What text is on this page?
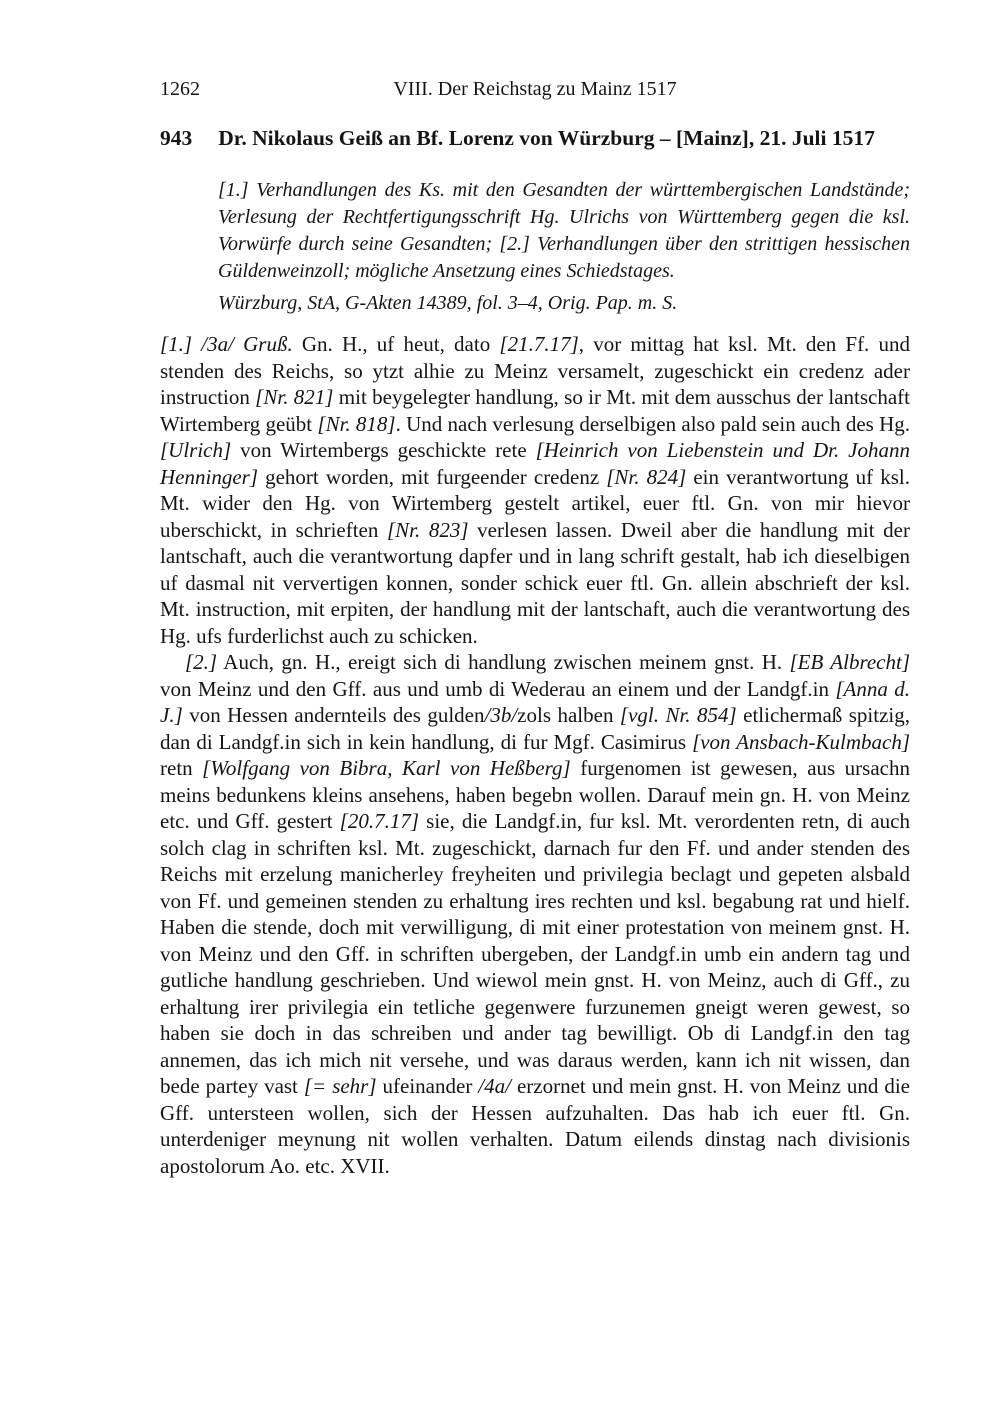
1262	VIII. Der Reichstag zu Mainz 1517
943 Dr. Nikolaus Geiß an Bf. Lorenz von Würzburg – [Mainz], 21. Juli 1517

[1.] Verhandlungen des Ks. mit den Gesandten der württembergischen Landstände; Verlesung der Rechtfertigungsschrift Hg. Ulrichs von Württemberg gegen die ksl. Vorwürfe durch seine Gesandten; [2.] Verhandlungen über den strittigen hessischen Güldenweinzoll; mögliche Ansetzung eines Schiedstages.

Würzburg, StA, G-Akten 14389, fol. 3–4, Orig. Pap. m. S.

[1.] /3a/ Gruß. Gn. H., uf heut, dato [21.7.17], vor mittag hat ksl. Mt. den Ff. und stenden des Reichs, so ytzt alhie zu Meinz versamelt, zugeschickt ein credenz ader instruction [Nr. 821] mit beygelegter handlung, so ir Mt. mit dem ausschus der lantschaft Wirtemberg geübt [Nr. 818]. Und nach verlesung derselbigen also pald sein auch des Hg. [Ulrich] von Wirtembergs geschickte rete [Heinrich von Liebenstein und Dr. Johann Henninger] gehort worden, mit furgeender credenz [Nr. 824] ein verantwortung uf ksl. Mt. wider den Hg. von Wirtemberg gestelt artikel, euer ftl. Gn. von mir hievor uberschickt, in schrieften [Nr. 823] verlesen lassen. Dweil aber die handlung mit der lantschaft, auch die verantwortung dapfer und in lang schrift gestalt, hab ich dieselbigen uf dasmal nit ververtigen konnen, sonder schick euer ftl. Gn. allein abschrieft der ksl. Mt. instruction, mit erpiten, der handlung mit der lantschaft, auch die verantwortung des Hg. ufs furderlichst auch zu schicken.

[2.] Auch, gn. H., ereigt sich di handlung zwischen meinem gnst. H. [EB Albrecht] von Meinz und den Gff. aus und umb di Wederau an einem und der Landgf.in [Anna d. J.] von Hessen andernteils des gulden/3b/zols halben [vgl. Nr. 854] etlichermaß spitzig, dan di Landgf.in sich in kein handlung, di fur Mgf. Casimirus [von Ansbach-Kulmbach] retn [Wolfgang von Bibra, Karl von Heßberg] furgenomen ist gewesen, aus ursachn meins bedunkens kleins ansehens, haben begebn wollen. Darauf mein gn. H. von Meinz etc. und Gff. gestert [20.7.17] sie, die Landgf.in, fur ksl. Mt. verordenten retn, di auch solch clag in schriften ksl. Mt. zugeschickt, darnach fur den Ff. und ander stenden des Reichs mit erzelung manicherley freyheiten und privilegia beclagt und gepeten alsbald von Ff. und gemeinen stenden zu erhaltung ires rechten und ksl. begabung rat und hielf. Haben die stende, doch mit verwilligung, di mit einer protestation von meinem gnst. H. von Meinz und den Gff. in schriften ubergeben, der Landgf.in umb ein andern tag und gutliche handlung geschrieben. Und wiewol mein gnst. H. von Meinz, auch di Gff., zu erhaltung irer privilegia ein tetliche gegenwere furzunemen gneigt weren gewest, so haben sie doch in das schreiben und ander tag bewilligt. Ob di Landgf.in den tag annemen, das ich mich nit versehe, und was daraus werden, kann ich nit wissen, dan bede partey vast [= sehr] ufeinander /4a/ erzornet und mein gnst. H. von Meinz und die Gff. untersteen wollen, sich der Hessen aufzuhalten. Das hab ich euer ftl. Gn. unterdeniger meynung nit wollen verhalten. Datum eilends dinstag nach divisionis apostolorum Ao. etc. XVII.
